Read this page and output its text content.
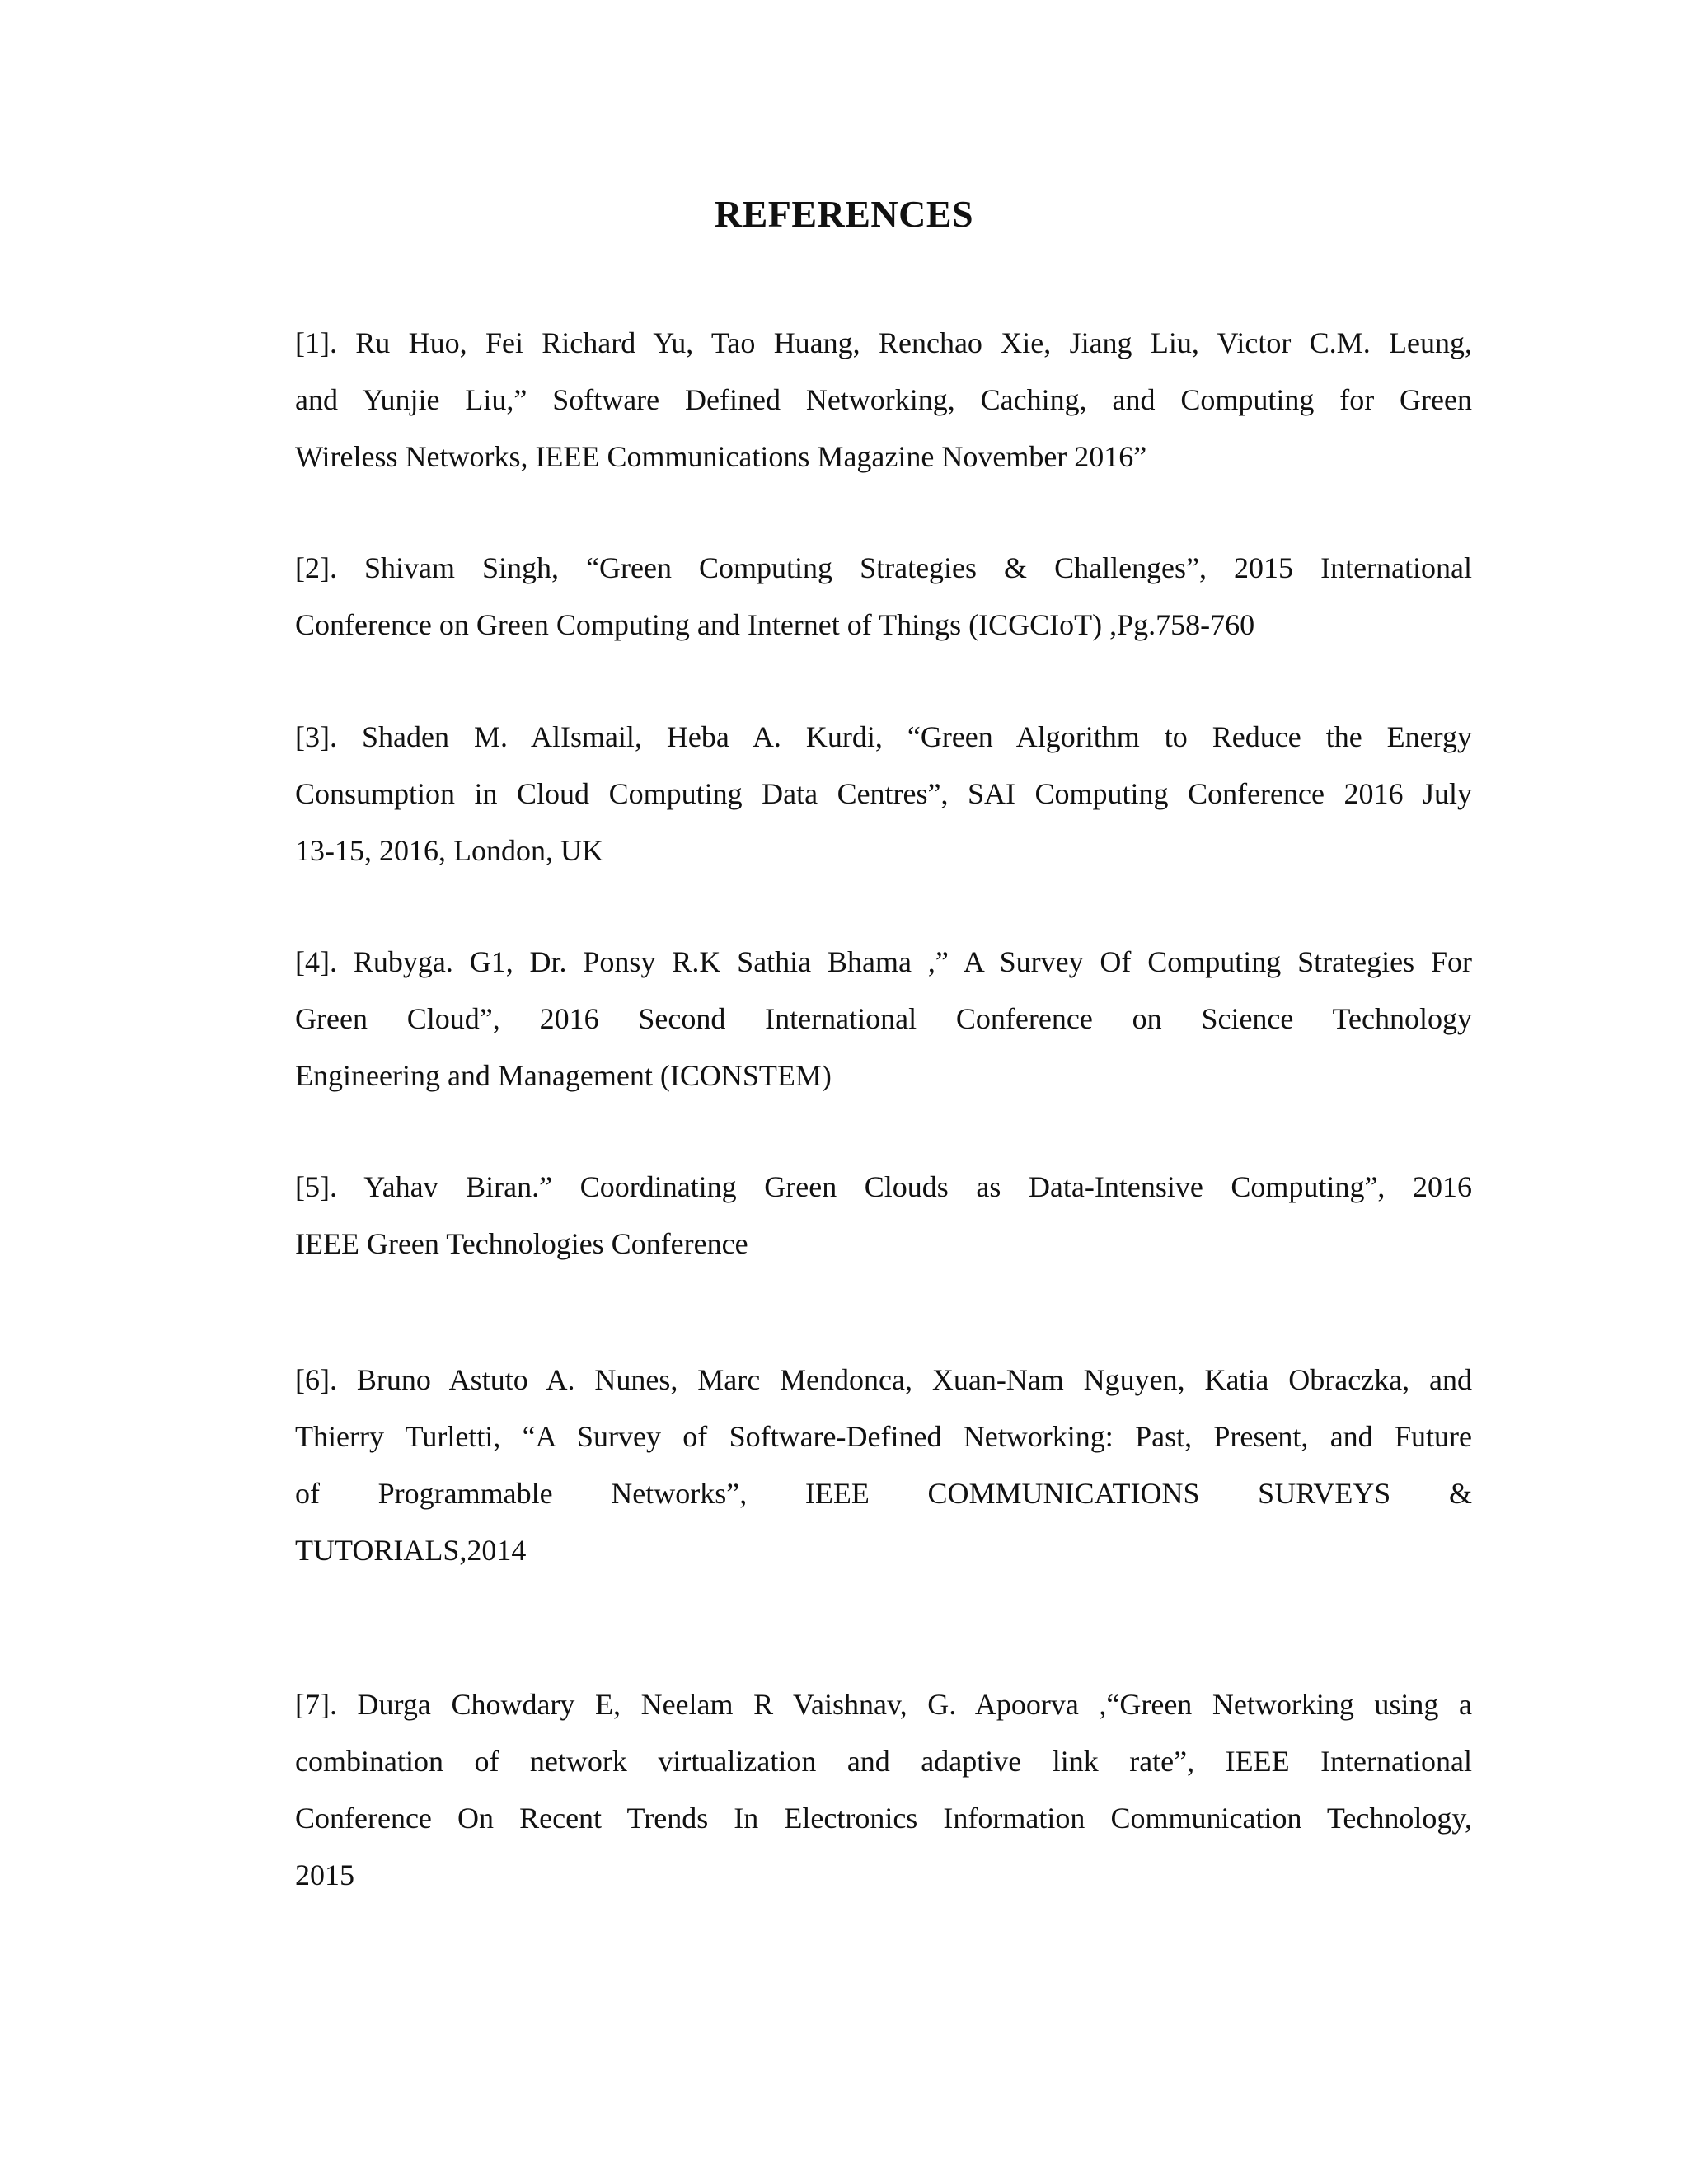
REFERENCES
[1]. Ru Huo, Fei Richard Yu, Tao Huang, Renchao Xie, Jiang Liu, Victor C.M. Leung,
and Yunjie Liu,” Software Defined Networking, Caching, and Computing for Green
Wireless Networks, IEEE Communications Magazine November 2016”
[2]. Shivam Singh, “Green Computing Strategies & Challenges”, 2015 International
Conference on Green Computing and Internet of Things (ICGCIoT) ,Pg.758-760
[3]. Shaden M. AlIsmail, Heba A. Kurdi, “Green Algorithm to Reduce the Energy
Consumption in Cloud Computing Data Centres”, SAI Computing Conference 2016 July
13-15, 2016, London, UK
[4]. Rubyga. G1, Dr. Ponsy R.K Sathia Bhama ,” A Survey Of Computing Strategies For
Green Cloud”, 2016 Second International Conference on Science Technology
Engineering and Management (ICONSTEM)
[5]. Yahav Biran.” Coordinating Green Clouds as Data-Intensive Computing”, 2016
IEEE Green Technologies Conference
[6]. Bruno Astuto A. Nunes, Marc Mendonca, Xuan-Nam Nguyen, Katia Obraczka, and
Thierry Turletti, “A Survey of Software-Defined Networking: Past, Present, and Future
of Programmable Networks”, IEEE COMMUNICATIONS SURVEYS &
TUTORIALS,2014
[7]. Durga Chowdary E, Neelam R Vaishnav, G. Apoorva ,“Green Networking using a
combination of network virtualization and adaptive link rate”, IEEE International
Conference On Recent Trends In Electronics Information Communication Technology,
2015
